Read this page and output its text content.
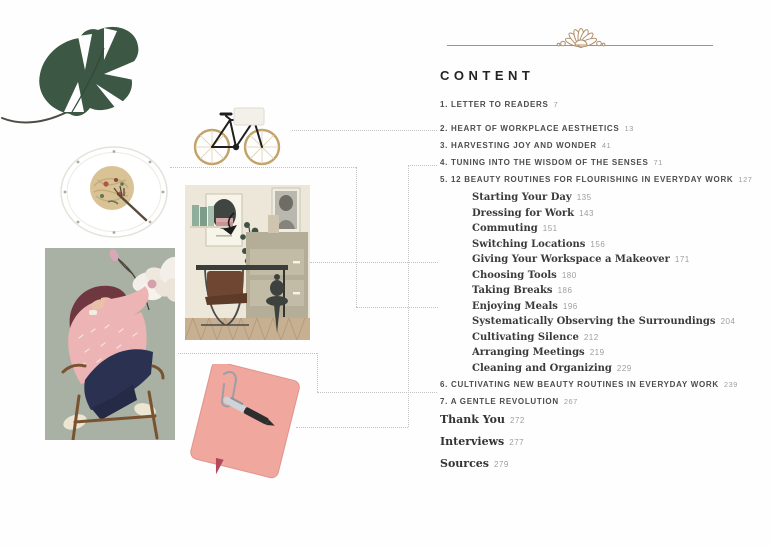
CONTENT
1. LETTER TO READERS 7
2. HEART OF WORKPLACE AESTHETICS 13
3. HARVESTING JOY AND WONDER 41
4. TUNING INTO THE WISDOM OF THE SENSES 71
5. 12 BEAUTY ROUTINES FOR FLOURISHING IN EVERYDAY WORK 127
Starting Your Day 135
Dressing for Work 143
Commuting 151
Switching Locations 156
Giving Your Workspace a Makeover 171
Choosing Tools 180
Taking Breaks 186
Enjoying Meals 196
Systematically Observing the Surroundings 204
Cultivating Silence 212
Arranging Meetings 219
Cleaning and Organizing 229
6. CULTIVATING NEW BEAUTY ROUTINES IN EVERYDAY WORK 239
7. A GENTLE REVOLUTION 267
Thank You 272
Interviews 277
Sources 279
